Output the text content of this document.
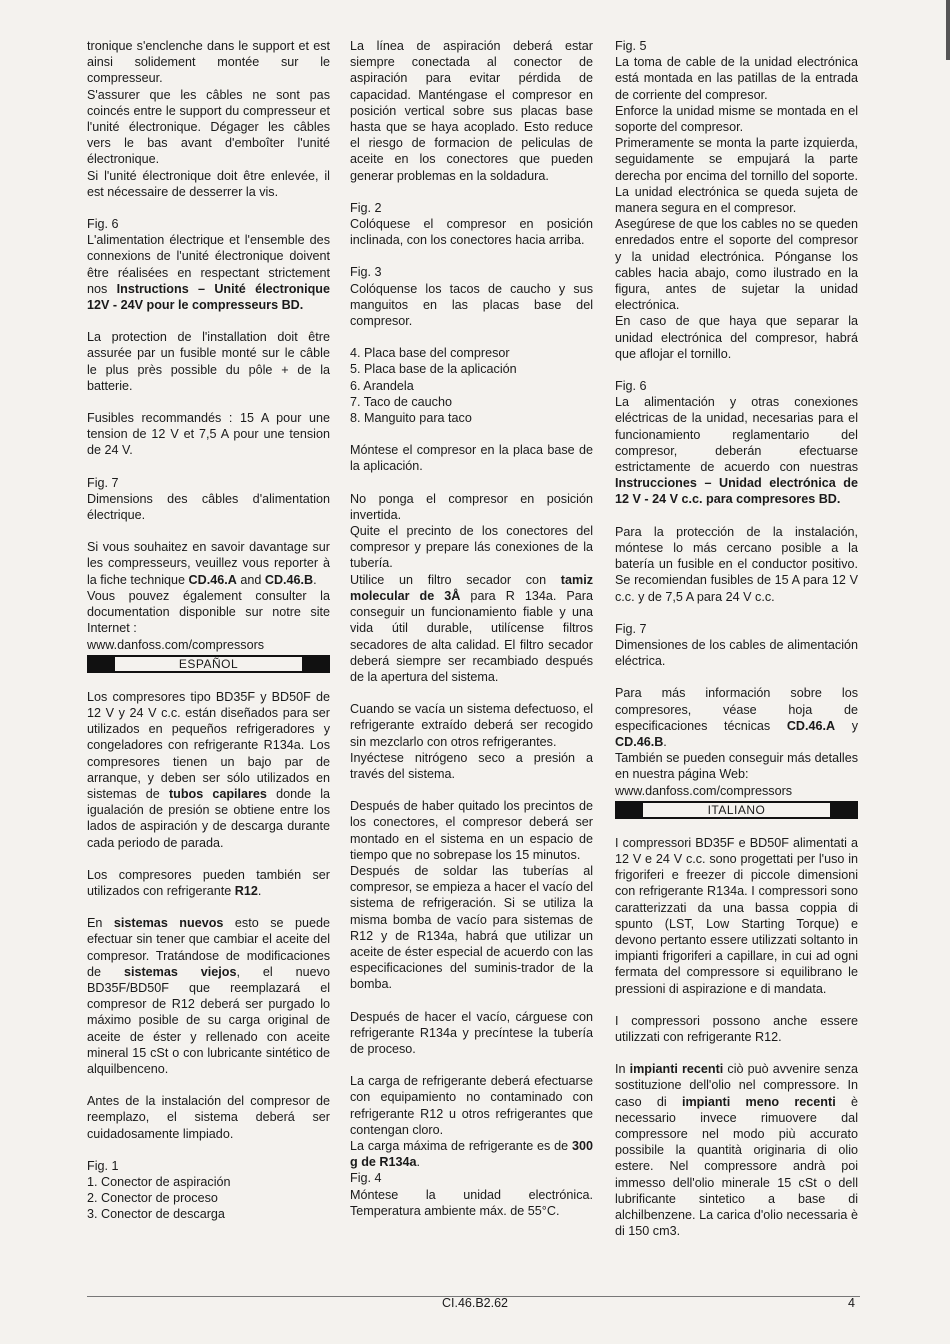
tronique s'enclenche dans le support et est ainsi solidement montée sur le compresseur.

S'assurer que les câbles ne sont pas coincés entre le support du compresseur et l'unité électronique. Dégager les câbles vers le bas avant d'emboîter l'unité électronique.

Si l'unité électronique doit être enlevée, il est nécessaire de desserrer la vis.

Fig. 6

L'alimentation électrique et l'ensemble des connexions de l'unité électronique doivent être réalisées en respectant strictement nos Instructions – Unité électronique 12V - 24V pour le compresseurs BD.

La protection de l'installation doit être assurée par un fusible monté sur le câble le plus près possible du pôle + de la batterie.

Fusibles recommandés : 15 A pour une tension de 12 V et 7,5 A pour une tension de 24 V.

Fig. 7

Dimensions des câbles d'alimentation électrique.

Si vous souhaitez en savoir davantage sur les compresseurs, veuillez vous reporter à la fiche technique CD.46.A and CD.46.B.

Vous pouvez également consulter la documentation disponible sur notre site Internet :

www.danfoss.com/compressors

ESPAÑOL

Los compresores tipo BD35F y BD50F de 12 V y 24 V c.c. están diseñados para ser utilizados en pequeños refrigeradores y congeladores con refrigerante R134a. Los compresores tienen un bajo par de arranque, y deben ser sólo utilizados en sistemas de tubos capilares donde la igualación de presión se obtiene entre los lados de aspiración y de descarga durante cada periodo de parada.

Los compresores pueden también ser utilizados con refrigerante R12.

En sistemas nuevos esto se puede efectuar sin tener que cambiar el aceite del compresor. Tratándose de modificaciones de sistemas viejos, el nuevo BD35F/BD50F que reemplazará el compresor de R12 deberá ser purgado lo máximo posible de su carga original de aceite de éster y rellenado con aceite mineral 15 cSt o con lubricante sintético de alquilbenceno.

Antes de la instalación del compresor de reemplazo, el sistema deberá ser cuidadosamente limpiado.

Fig. 1

1. Conector de aspiración
2. Conector de proceso
3. Conector de descarga

La línea de aspiración deberá estar siempre conectada al conector de aspiración para evitar pérdida de capacidad. Manténgase el compresor en posición vertical sobre sus placas base hasta que se haya acoplado. Esto reduce el riesgo de formacion de peliculas de aceite en los conectores que pueden generar problemas en la soldadura.

Fig. 2

Colóquese el compresor en posición inclinada, con los conectores hacia arriba.

Fig. 3

Colóquense los tacos de caucho y sus manguitos en las placas base del compresor.

4. Placa base del compresor
5. Placa base de la aplicación
6. Arandela
7. Taco de caucho
8. Manguito para taco

Móntese el compresor en la placa base de la aplicación.

No ponga el compresor en posición invertida.

Quite el precinto de los conectores del compresor y prepare lás conexiones de la tubería.

Utilice un filtro secador con tamiz molecular de 3Å para R 134a. Para conseguir un funcionamiento fiable y una vida útil durable, utilícense filtros secadores de alta calidad. El filtro secador deberá siempre ser recambiado después de la apertura del sistema.

Cuando se vacía un sistema defectuoso, el refrigerante extraído deberá ser recogido sin mezclarlo con otros refrigerantes.

Inyéctese nitrógeno seco a presión a través del sistema.

Después de haber quitado los precintos de los conectores, el compresor deberá ser montado en el sistema en un espacio de tiempo que no sobrepase los 15 minutos.

Después de soldar las tuberías al compresor, se empieza a hacer el vacío del sistema de refrigeración. Si se utiliza la misma bomba de vacío para sistemas de R12 y de R134a, habrá que utilizar un aceite de éster especial de acuerdo con las especificaciones del suminis-trador de la bomba.

Después de hacer el vacío, cárguese con refrigerante R134a y precíntese la tubería de proceso.

La carga de refrigerante deberá efectuarse con equipamiento no contaminado con refrigerante R12 u otros refrigerantes que contengan cloro.

La carga máxima de refrigerante es de 300 g de R134a.

Fig. 4

Móntese la unidad electrónica. Temperatura ambiente máx. de 55°C.

Fig. 5

La toma de cable de la unidad electrónica está montada en las patillas de la entrada de corriente del compresor.

Enforce la unidad misme se montada en el soporte del compresor.

Primeramente se monta la parte izquierda, seguidamente se empujará la parte derecha por encima del tornillo del soporte. La unidad electrónica se queda sujeta de manera segura en el compresor.

Asegúrese de que los cables no se queden enredados entre el soporte del compresor y la unidad electrónica. Pónganse los cables hacia abajo, como ilustrado en la figura, antes de sujetar la unidad electrónica.

En caso de que haya que separar la unidad electrónica del compresor, habrá que aflojar el tornillo.

Fig. 6

La alimentación y otras conexiones eléctricas de la unidad, necesarias para el funcionamiento reglamentario del compresor, deberán efectuarse estrictamente de acuerdo con nuestras Instrucciones – Unidad electrónica de 12 V - 24 V c.c. para compresores BD.

Para la protección de la instalación, móntese lo más cercano posible a la batería un fusible en el conductor positivo. Se recomiendan fusibles de 15 A para 12 V c.c. y de 7,5 A para 24 V c.c.

Fig. 7

Dimensiones de los cables de alimentación eléctrica.

Para más información sobre los compresores, véase hoja de especificaciones técnicas CD.46.A y CD.46.B.

También se pueden conseguir más detalles en nuestra página Web:

www.danfoss.com/compressors

ITALIANO

I compressori BD35F e BD50F alimentati a 12 V e 24 V c.c. sono progettati per l'uso in frigoriferi e freezer di piccole dimensioni con refrigerante R134a. I compressori sono caratterizzati da una bassa coppia di spunto (LST, Low Starting Torque) e devono pertanto essere utilizzati soltanto in impianti frigoriferi a capillare, in cui ad ogni fermata del compressore si equilibrano le pressioni di aspirazione e di mandata.

I compressori possono anche essere utilizzati con refrigerante R12.

In impianti recenti ciò può avvenire senza sostituzione dell'olio nel compressore. In caso di impianti meno recenti è necessario invece rimuovere dal compressore nel modo più accurato possibile la quantità originaria di olio estere. Nel compressore andrà poi immesso dell'olio minerale 15 cSt o dell lubrificante sintetico a base di alchilbenzene. La carica d'olio necessaria è di 150 cm3.

CI.46.B2.62	4
